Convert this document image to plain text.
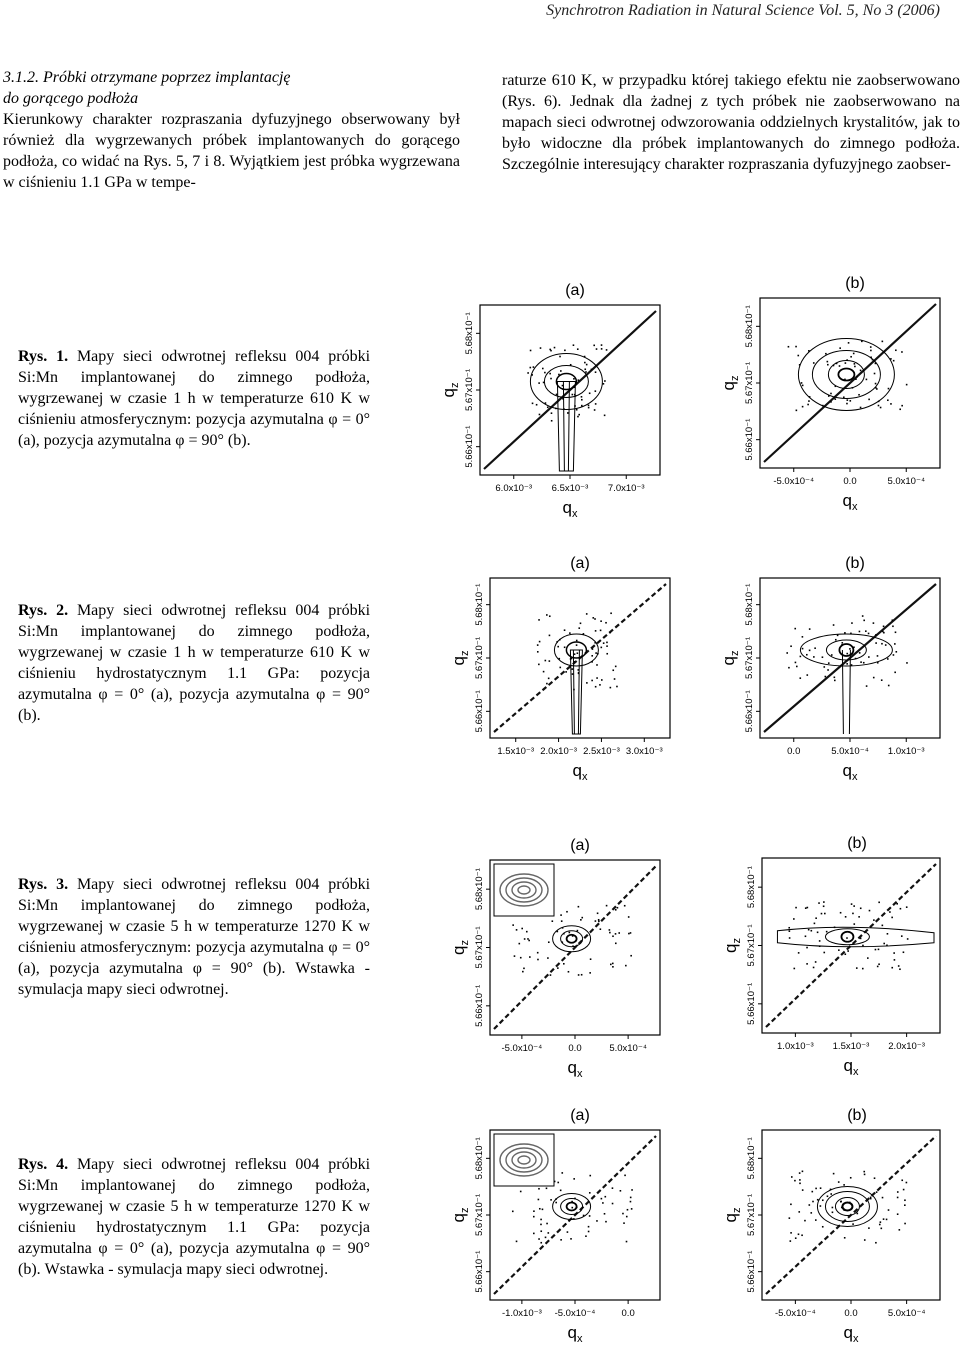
Synchrotron Radiation in Natural Science Vol. 5, No 3 (2006)

3.1.2. Próbki otrzymane poprzez implantację
do gorącego podłoża

Kierunkowy charakter rozpraszania dyfuzyjnego obserwowany był również dla wygrzewanych próbek implantowanych do gorącego podłoża, co widać na Rys. 5, 7 i 8. Wyjątkiem jest próbka wygrzewana w ciśnieniu 1.1 GPa w tempe-

raturze 610 K, w przypadku której takiego efektu nie zaobserwowano (Rys. 6). Jednak dla żadnej z tych próbek nie zaobserwowano na mapach sieci odwrotnej odwzorowania oddzielnych krystalitów, jak to było widoczne dla próbek implantowanych do zimnego podłoża. Szczególnie interesujący charakter rozpraszania dyfuzyjnego zaobser-

Rys. 1. Mapy sieci odwrotnej refleksu 004 próbki Si:Mn implantowanej do zimnego podłoża, wygrzewanej w czasie 1 h w temperaturze 610 K w ciśnieniu atmosferycznym: pozycja azymutalna φ = 0° (a), pozycja azymutalna φ = 90° (b).
Rys. 2. Mapy sieci odwrotnej refleksu 004 próbki Si:Mn implantowanej do zimnego podłoża, wygrzewanej w czasie 1 h w temperaturze 610 K w ciśnieniu hydrostatycznym 1.1 GPa: pozycja azymutalna φ = 0° (a), pozycja azymutalna φ = 90° (b).
Rys. 3. Mapy sieci odwrotnej refleksu 004 próbki Si:Mn implantowanej do zimnego podłoża, wygrzewanej w czasie 5 h w temperaturze 1270 K w ciśnieniu atmosferycznym: pozycja azymutalna φ = 0° (a), pozycja azymutalna φ = 90° (b). Wstawka - symulacja mapy sieci odwrotnej.
Rys. 4. Mapy sieci odwrotnej refleksu 004 próbki Si:Mn implantowanej do zimnego podłoża, wygrzewanej w czasie 5 h w temperaturze 1270 K w ciśnieniu hydrostatycznym 1.1 GPa: pozycja azymutalna φ = 0° (a), pozycja azymutalna φ = 90° (b). Wstawka - symulacja mapy sieci odwrotnej.
(a)
6.0x10⁻³ 6.5x10⁻³ 7.0x10⁻³
5.66x10⁻¹
5.67x10⁻¹
5.68x10⁻¹
$q_x$
$q_z$
(b)
-5.0x10⁻⁴	0.0	5.0x10⁻⁴
5.66x10⁻¹
5.67x10⁻¹
5.68x10⁻¹
$q_x$
$q_z$
(a)
1.5x10⁻³ 2.0x10⁻³ 2.5x10⁻³ 3.0x10⁻³
5.66x10⁻¹
5.67x10⁻¹
5.68x10⁻¹
$q_x$
$q_z$
(b)
0.0	5.0x10⁻⁴ 1.0x10⁻³
5.66x10⁻¹
5.67x10⁻¹
5.68x10⁻¹
$q_x$
$q_z$
(a)
-5.0x10⁻⁴	0.0	5.0x10⁻⁴
5.66x10⁻¹
5.67x10⁻¹
5.68x10⁻¹
$q_x$
$q_z$
(b)
1.0x10⁻³ 1.5x10⁻³ 2.0x10⁻³
5.66x10⁻¹
5.67x10⁻¹
5.68x10⁻¹
$q_x$
$q_z$
(a)
-1.0x10⁻³ -5.0x10⁻⁴	0.0
5.66x10⁻¹
5.67x10⁻¹
5.68x10⁻¹
$q_x$
$q_z$
(b)
-5.0x10⁻⁴	0.0	5.0x10⁻⁴
5.66x10⁻¹
5.67x10⁻¹
5.68x10⁻¹
$q_x$
$q_z$
